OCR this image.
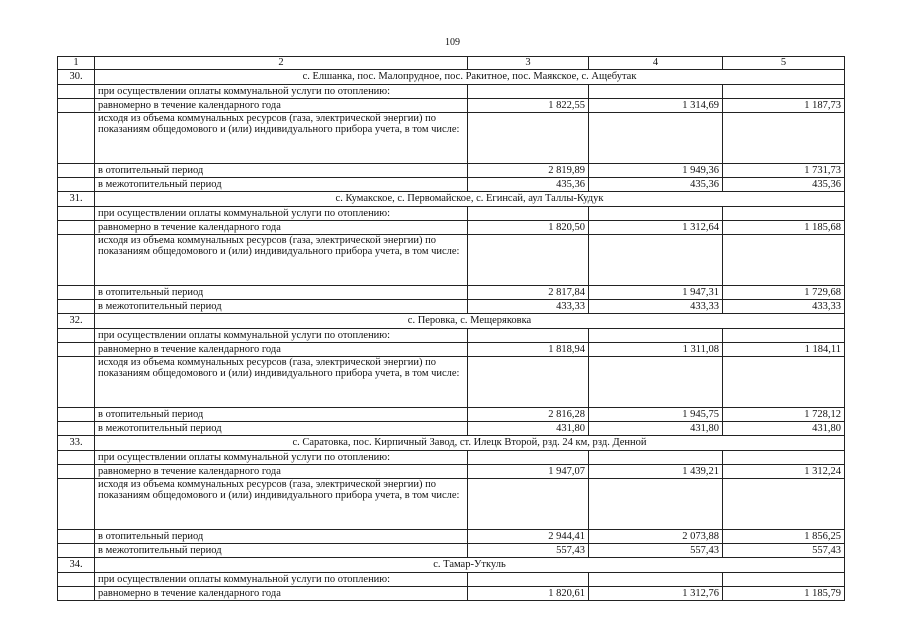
109
1	2	3	4	5
30.	с. Елшанка, пос. Малопрудное, пос. Ракитное, пос. Маякское, с. Ащебутак			
	при осуществлении оплаты коммунальной услуги по отоплению:			
	равномерно в течение календарного года	1 822,55	1 314,69	1 187,73
	исходя из объема коммунальных ресурсов (газа, электрической энергии) по показаниям общедомового и (или) индивидуального прибора учета, в том числе:			
	в отопительный период	2 819,89	1 949,36	1 731,73
	в межотопительный период	435,36	435,36	435,36
31.	с. Кумакское, с. Первомайское, с. Егинсай, аул Таллы-Кудук			
	при осуществлении оплаты коммунальной услуги по отоплению:			
	равномерно в течение календарного года	1 820,50	1 312,64	1 185,68
	исходя из объема коммунальных ресурсов (газа, электрической энергии) по показаниям общедомового и (или) индивидуального прибора учета, в том числе:			
	в отопительный период	2 817,84	1 947,31	1 729,68
	в межотопительный период	433,33	433,33	433,33
32.	с. Перовка, с. Мещеряковка			
	при осуществлении оплаты коммунальной услуги по отоплению:			
	равномерно в течение календарного года	1 818,94	1 311,08	1 184,11
	исходя из объема коммунальных ресурсов (газа, электрической энергии) по показаниям общедомового и (или) индивидуального прибора учета, в том числе:			
	в отопительный период	2 816,28	1 945,75	1 728,12
	в межотопительный период	431,80	431,80	431,80
33.	с. Саратовка, пос. Кирпичный Завод, ст. Илецк Второй, рзд. 24 км, рзд. Денной			
	при осуществлении оплаты коммунальной услуги по отоплению:			
	равномерно в течение календарного года	1 947,07	1 439,21	1 312,24
	исходя из объема коммунальных ресурсов (газа, электрической энергии) по показаниям общедомового и (или) индивидуального прибора учета, в том числе:			
	в отопительный период	2 944,41	2 073,88	1 856,25
	в межотопительный период	557,43	557,43	557,43
34.	с. Тамар-Уткуль			
	при осуществлении оплаты коммунальной услуги по отоплению:			
	равномерно в течение календарного года	1 820,61	1 312,76	1 185,79
